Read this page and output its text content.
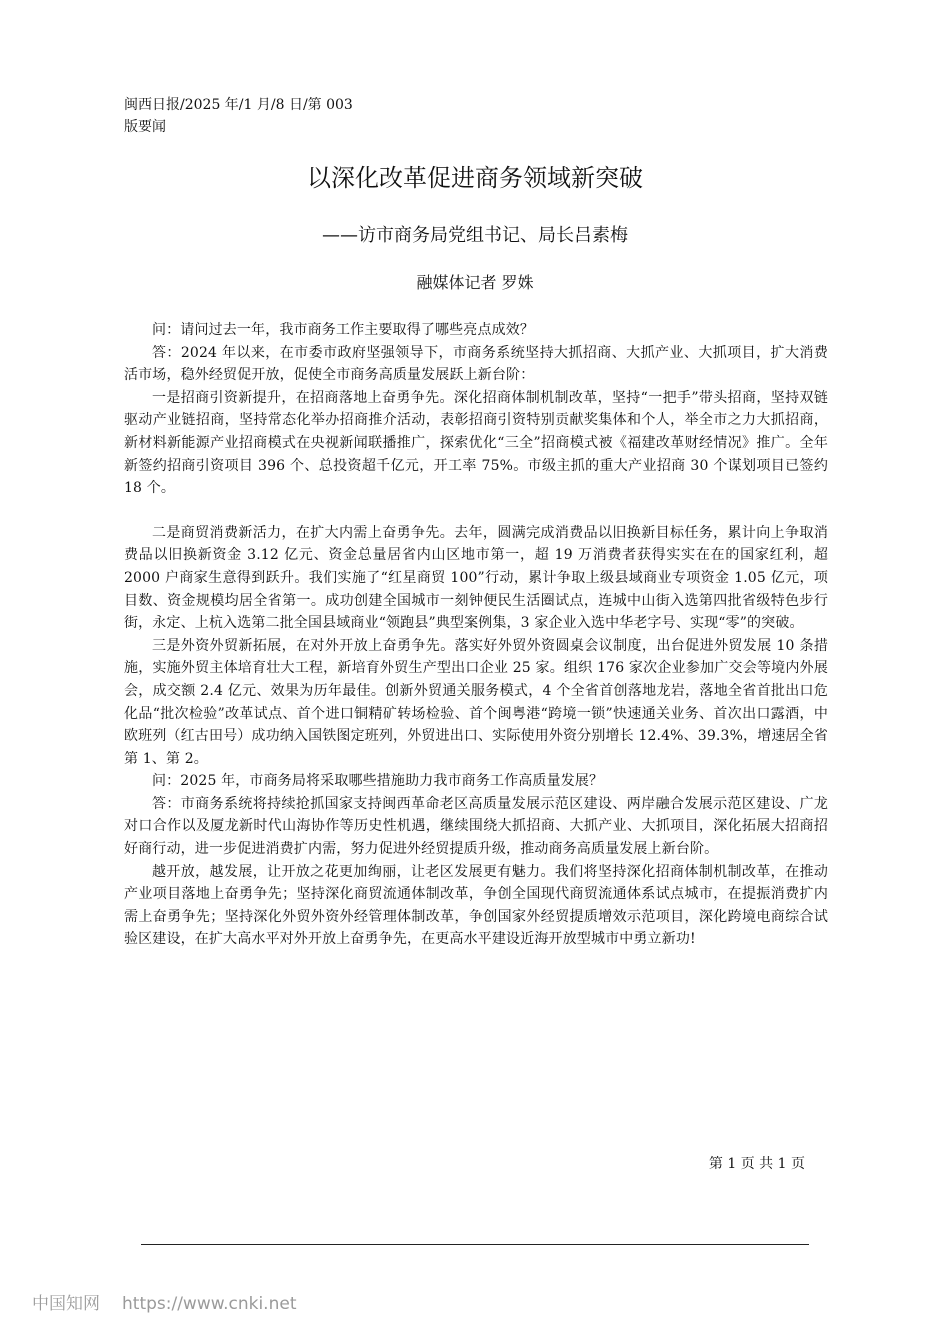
闽西日报/2025 年/1 月/8 日/第 003
版要闻
以深化改革促进商务领域新突破
——访市商务局党组书记、局长吕素梅
融媒体记者 罗姝

问：请问过去一年，我市商务工作主要取得了哪些亮点成效？

答：2024 年以来，在市委市政府坚强领导下，市商务系统坚持大抓招商、大抓产业、大抓项目，扩大消费活市场，稳外经贸促开放，促使全市商务高质量发展跃上新台阶：

一是招商引资新提升，在招商落地上奋勇争先。深化招商体制机制改革，坚持“一把手”带头招商，坚持双链驱动产业链招商，坚持常态化举办招商推介活动，表彰招商引资特别贡献奖集体和个人，举全市之力大抓招商，新材料新能源产业招商模式在央视新闻联播推广，探索优化“三全”招商模式被《福建改革财经情况》推广。全年新签约招商引资项目 396 个、总投资超千亿元，开工率 75%。市级主抓的重大产业招商 30 个谋划项目已签约 18 个。

二是商贸消费新活力，在扩大内需上奋勇争先。去年，圆满完成消费品以旧换新目标任务，累计向上争取消费品以旧换新资金 3.12 亿元、资金总量居省内山区地市第一，超 19 万消费者获得实实在在的国家红利，超 2000 户商家生意得到跃升。我们实施了“红星商贸 100”行动，累计争取上级县域商业专项资金 1.05 亿元，项目数、资金规模均居全省第一。成功创建全国城市一刻钟便民生活圈试点，连城中山街入选第四批省级特色步行街，永定、上杭入选第二批全国县域商业“领跑县”典型案例集，3 家企业入选中华老字号、实现“零”的突破。

三是外资外贸新拓展，在对外开放上奋勇争先。落实好外贸外资圆桌会议制度，出台促进外贸发展 10 条措施，实施外贸主体培育壮大工程，新培育外贸生产型出口企业 25 家。组织 176 家次企业参加广交会等境内外展会，成交额 2.4 亿元、效果为历年最佳。创新外贸通关服务模式，4 个全省首创落地龙岩，落地全省首批出口危化品“批次检验”改革试点、首个进口铜精矿转场检验、首个闽粤港“跨境一锁”快速通关业务、首次出口露酒，中欧班列（红古田号）成功纳入国铁图定班列，外贸进出口、实际使用外资分别增长 12.4%、39.3%，增速居全省第 1、第 2。

问：2025 年，市商务局将采取哪些措施助力我市商务工作高质量发展？

答：市商务系统将持续抢抓国家支持闽西革命老区高质量发展示范区建设、两岸融合发展示范区建设、广龙对口合作以及厦龙新时代山海协作等历史性机遇，继续围绕大抓招商、大抓产业、大抓项目，深化拓展大招商招好商行动，进一步促进消费扩内需，努力促进外经贸提质升级，推动商务高质量发展上新台阶。

越开放，越发展，让开放之花更加绚丽，让老区发展更有魅力。我们将坚持深化招商体制机制改革，在推动产业项目落地上奋勇争先；坚持深化商贸流通体制改革，争创全国现代商贸流通体系试点城市，在提振消费扩内需上奋勇争先；坚持深化外贸外资外经管理体制改革，争创国家外经贸提质增效示范项目，深化跨境电商综合试验区建设，在扩大高水平对外开放上奋勇争先，在更高水平建设近海开放型城市中勇立新功!

第 1 页 共 1 页
中国知网 https://www.cnki.net
